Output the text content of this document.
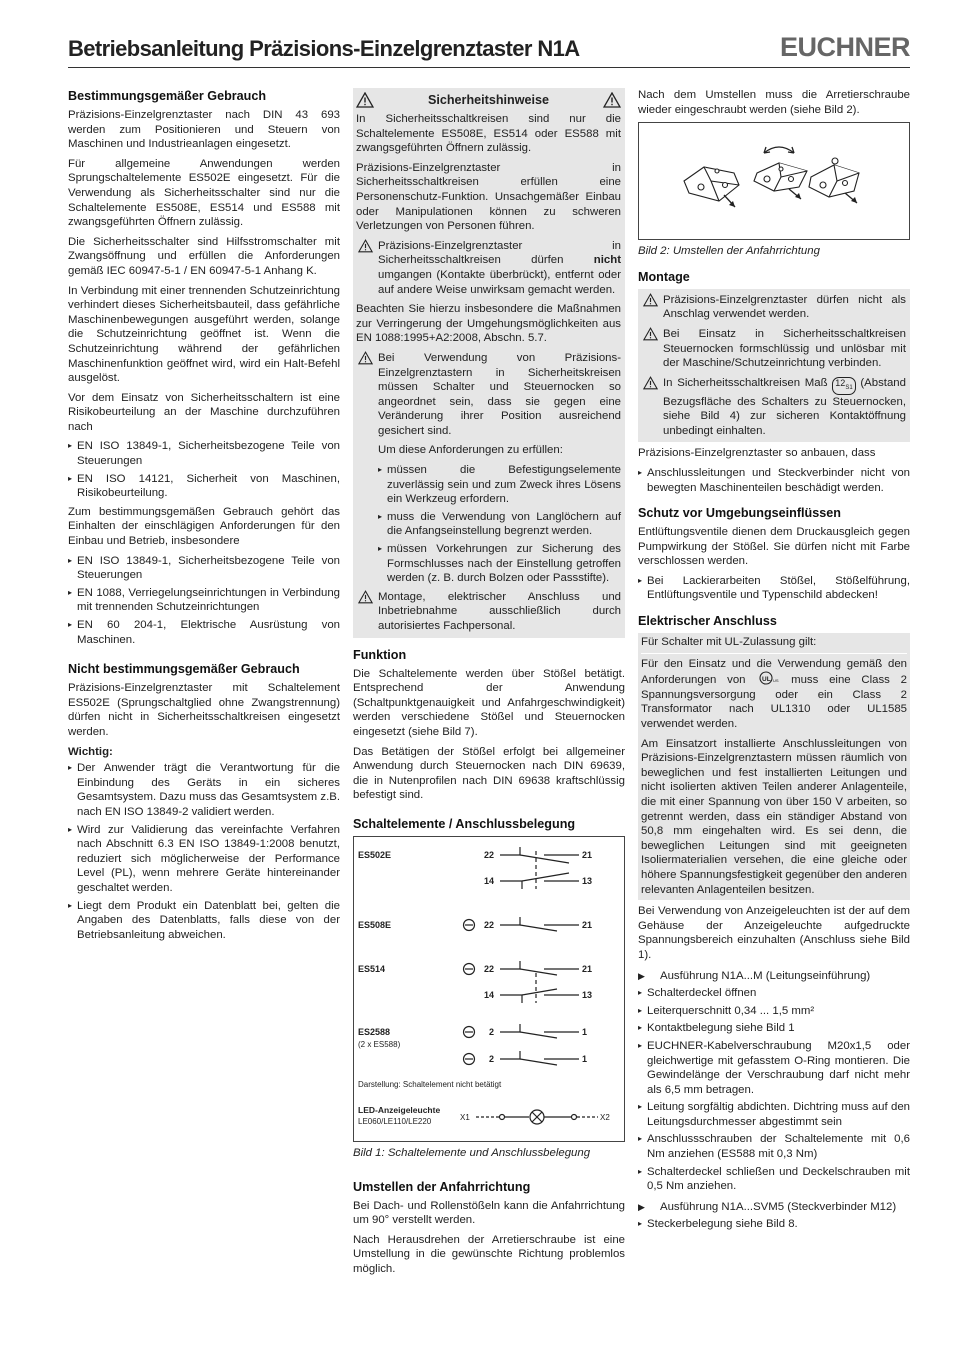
Betriebsanleitung Präzisions-Einzelgrenztaster N1A	EUCHNER
Bestimmungsgemäßer Gebrauch

Präzisions-Einzelgrenztaster nach DIN 43 693 werden zum Positionieren und Steuern von Maschinen und Industrieanlagen eingesetzt.

Für allgemeine Anwendungen werden Sprungschaltelemente ES502E eingesetzt. Für die Verwendung als Sicherheitsschalter sind nur die Schaltelemente ES508E, ES514 und ES588 mit zwangsgeführten Öffnern zulässig.

Die Sicherheitsschalter sind Hilfsstromschalter mit Zwangsöffnung und erfüllen die Anforderungen gemäß IEC 60947-5-1 / EN 60947-5-1 Anhang K.

In Verbindung mit einer trennenden Schutzeinrichtung verhindert dieses Sicherheitsbauteil, dass gefährliche Maschinenbewegungen ausgeführt werden, solange die Schutzeinrichtung geöffnet ist. Wenn die Schutzeinrichtung während der gefährlichen Maschinenfunktion geöffnet wird, wird ein Halt-Befehl ausgelöst.

Vor dem Einsatz von Sicherheitsschaltern ist eine Risikobeurteilung an der Maschine durchzuführen nach

▸ EN ISO 13849-1, Sicherheitsbezogene Teile von Steuerungen
▸ EN ISO 14121, Sicherheit von Maschinen, Risikobeurteilung.

Zum bestimmungsgemäßen Gebrauch gehört das Einhalten der einschlägigen Anforderungen für den Einbau und Betrieb, insbesondere

▸ EN ISO 13849-1, Sicherheitsbezogene Teile von Steuerungen
▸ EN 1088, Verriegelungseinrichtungen in Verbindung mit trennenden Schutzeinrichtungen
▸ EN 60 204-1, Elektrische Ausrüstung von Maschinen.
Nicht bestimmungsgemäßer Gebrauch

Präzisions-Einzelgrenztaster mit Schaltelement ES502E (Sprungschaltglied ohne Zwangstrennung) dürfen nicht in Sicherheitsschaltkreisen eingesetzt werden.

Wichtig:

▸ Der Anwender trägt die Verantwortung für die Einbindung des Geräts in ein sicheres Gesamtsystem. Dazu muss das Gesamtsystem z.B. nach EN ISO 13849-2 validiert werden.
▸ Wird zur Validierung das vereinfachte Verfahren nach Abschnitt 6.3 EN ISO 13849-1:2008 benutzt, reduziert sich möglicherweise der Performance Level (PL), wenn mehrere Geräte hintereinander geschaltet werden.
▸ Liegt dem Produkt ein Datenblatt bei, gelten die Angaben des Datenblatts, falls diese von der Betriebsanleitung abweichen.
Sicherheitshinweise

In Sicherheitsschaltkreisen sind nur die Schaltelemente ES508E, ES514 oder ES588 mit zwangsgeführten Öffnern zulässig.

Präzisions-Einzelgrenztaster in Sicherheitsschaltkreisen erfüllen eine Personenschutz-Funktion. Unsachgemäßer Einbau oder Manipulationen können zu schweren Verletzungen von Personen führen.

Präzisions-Einzelgrenztaster in Sicherheitsschaltkreisen dürfen nicht umgangen (Kontakte überbrückt), entfernt oder auf andere Weise unwirksam gemacht werden.

Beachten Sie hierzu insbesondere die Maßnahmen zur Verringerung der Umgehungsmöglichkeiten aus EN 1088:1995+A2:2008, Abschn. 5.7.

Bei Verwendung von Präzisions-Einzelgrenztastern in Sicherheitskreisen müssen Schalter und Steuernocken so angeordnet sein, dass sie gegen eine Veränderung ihrer Position ausreichend gesichert sind.

Um diese Anforderungen zu erfüllen:

▸ müssen die Befestigungselemente zuverlässig sein und zum Zweck ihres Lösens ein Werkzeug erfordern.
▸ muss die Verwendung von Langlöchern auf die Anfangseinstellung begrenzt werden.
▸ müssen Vorkehrungen zur Sicherung des Formschlusses nach der Einstellung getroffen werden (z. B. durch Bolzen oder Passstifte).
Montage, elektrischer Anschluss und Inbetriebnahme ausschließlich durch autorisiertes Fachpersonal.
Funktion

Die Schaltelemente werden über Stößel betätigt. Entsprechend der Anwendung (Schaltpunktgenauigkeit und Anfahrgeschwindigkeit) werden verschiedene Stößel und Steuernocken eingesetzt (siehe Bild 7).

Das Betätigen der Stößel erfolgt bei allgemeiner Anwendung durch Steuernocken nach DIN 69639, die in Nutenprofilen nach DIN 69638 kraftschlüssig befestigt sind.

Schaltelemente / Anschlussbelegung
ES502E	22	21
14	13
ES508E	22	21
ES514	22	21
14	13
ES2588
(2 x ES588)
2	1
2	1
Darstellung: Schaltelement nicht betätigt
LED-Anzeigeleuchte
LE060/LE110/LE220	X1	X2

Bild 1: Schaltelemente und Anschlussbelegung

Umstellen der Anfahrrichtung

Bei Dach- und Rollenstößeln kann die Anfahrrichtung um 90° verstellt werden.

Nach Herausdrehen der Arretierschraube ist eine Umstellung in die gewünschte Richtung problemlos möglich.

Nach dem Umstellen muss die Arretierschraube wieder eingeschraubt werden (siehe Bild 2).

Bild 2: Umstellen der Anfahrrichtung

Montage
Präzisions-Einzelgrenztaster dürfen nicht als Anschlag verwendet werden.
Bei Einsatz in Sicherheitsschaltkreisen Steuernocken formschlüssig und unlösbar mit der Maschine/Schutzeinrichtung verbinden.
In Sicherheitsschaltkreisen Maß $12_{S1}$ (Abstand Bezugsfläche des Schalters zu Steuernocken, siehe Bild 4) zur sicheren Kontaktöffnung unbedingt einhalten.

Präzisions-Einzelgrenztaster so anbauen, dass

▸ Anschlussleitungen und Steckverbinder nicht von bewegten Maschinenteilen beschädigt werden.
Schutz vor Umgebungseinflüssen

Entlüftungsventile dienen dem Druckausgleich gegen Pumpwirkung der Stößel. Sie dürfen nicht mit Farbe verschlossen werden.

▸ Bei Lackierarbeiten Stößel, Stößelführung, Entlüftungsventile und Typenschild abdecken!
Elektrischer Anschluss

Für Schalter mit UL-Zulassung gilt:

Für den Einsatz und die Verwendung gemäß den Anforderungen von UL US muss eine Class 2 Spannungsversorgung oder ein Class 2 Transformator nach UL1310 oder UL1585 verwendet werden.

Am Einsatzort installierte Anschlussleitungen von Präzisions-Einzelgrenztastern müssen räumlich von beweglichen und fest installierten Leitungen und nicht isolierten aktiven Teilen anderer Anlagenteile, die mit einer Spannung von über 150 V arbeiten, so getrennt werden, dass ein ständiger Abstand von 50,8 mm eingehalten wird. Es sei denn, die beweglichen Leitungen sind mit geeigneten Isoliermaterialien versehen, die eine gleiche oder höhere Spannungsfestigkeit gegenüber den anderen relevanten Anlagenteilen besitzen.

Bei Verwendung von Anzeigeleuchten ist der auf dem Gehäuse der Anzeigeleuchte aufgedruckte Spannungsbereich einzuhalten (Anschluss siehe Bild 1).

▶ Ausführung N1A...M (Leitungseinführung)
▸ Schalterdeckel öffnen
▸ Leiterquerschnitt 0,34 ... 1,5 mm²
▸ Kontaktbelegung siehe Bild 1
▸ EUCHNER-Kabelverschraubung M20x1,5 oder gleichwertige mit gefasstem O-Ring montieren. Die Gewindelänge der Verschraubung darf nicht mehr als 6,5 mm betragen.
▸ Leitung sorgfältig abdichten. Dichtring muss auf den Leitungsdurchmesser abgestimmt sein
▸ Anschlussschrauben der Schaltelemente mit 0,6 Nm anziehen (ES588 mit 0,3 Nm)
▸ Schalterdeckel schließen und Deckelschrauben mit 0,5 Nm anziehen.
▶ Ausführung N1A...SVM5 (Steckverbinder M12)
▸ Steckerbelegung siehe Bild 8.
